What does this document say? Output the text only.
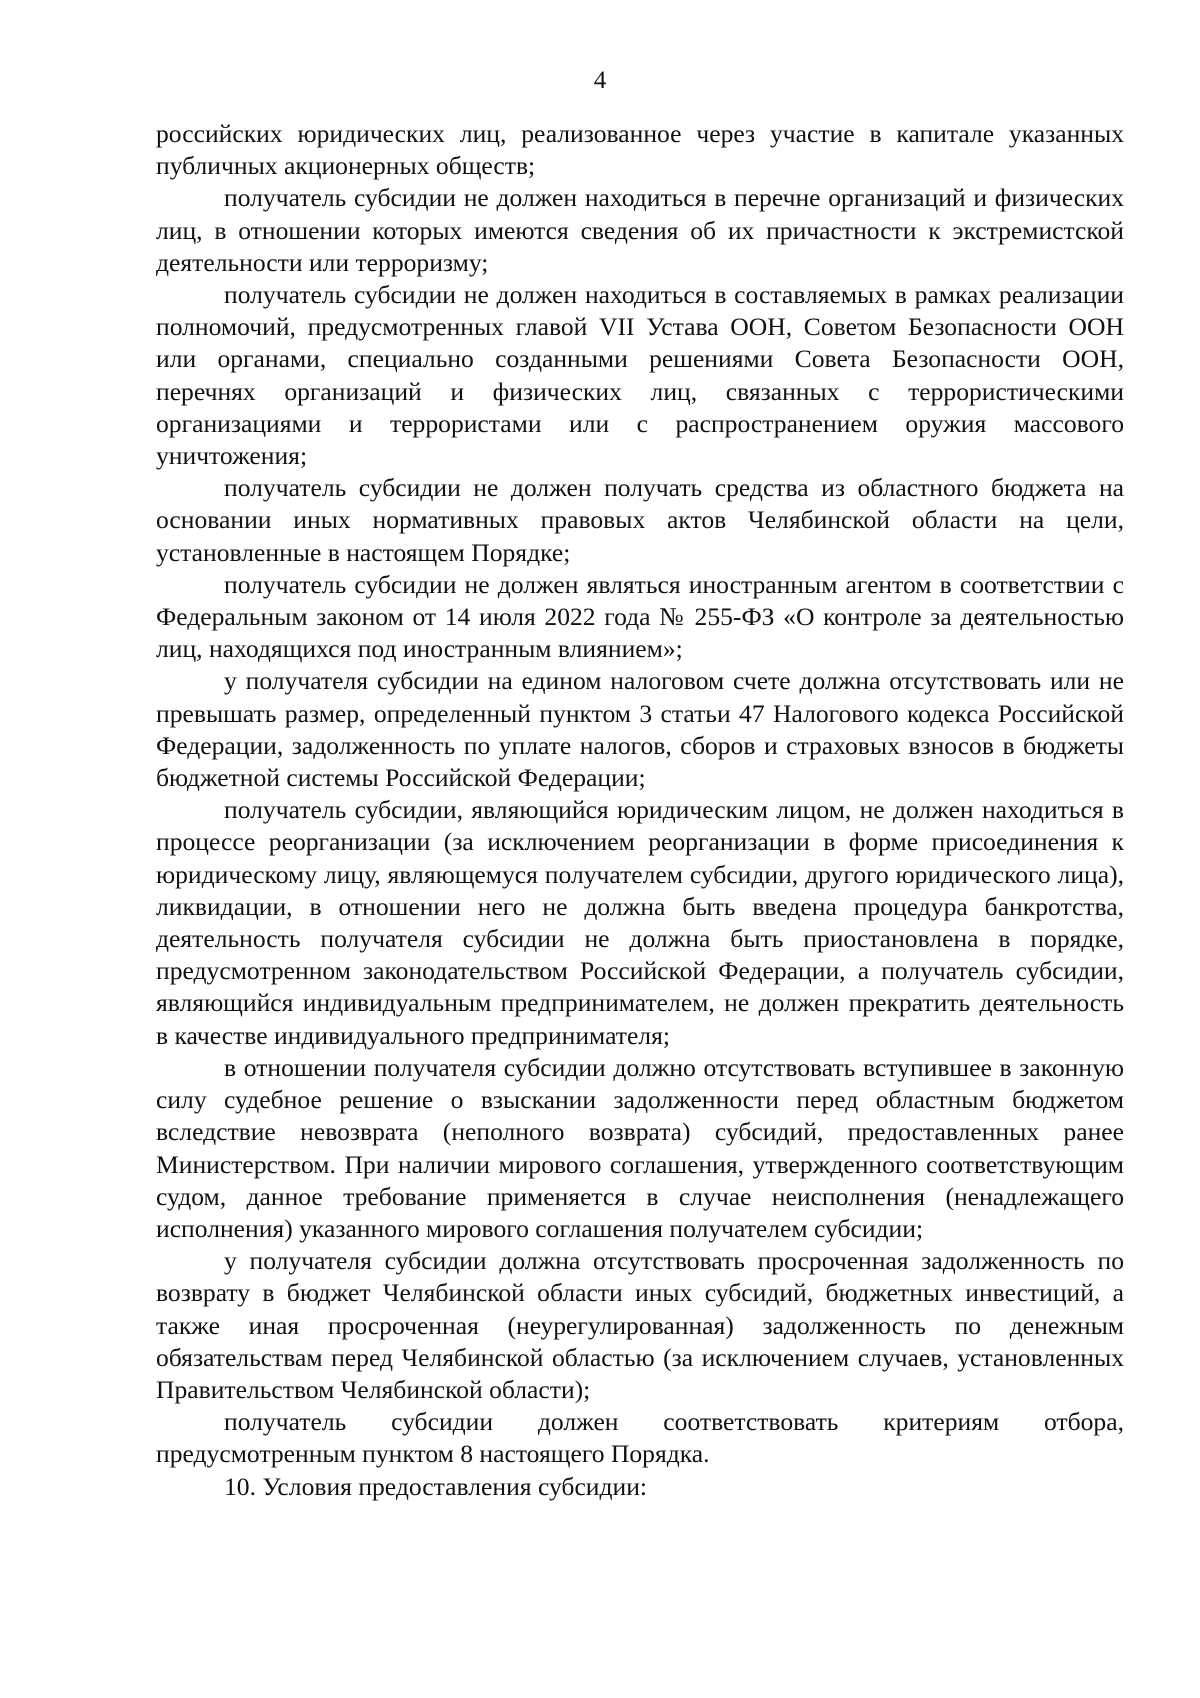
4

российских юридических лиц, реализованное через участие в капитале указанных публичных акционерных обществ;

получатель субсидии не должен находиться в перечне организаций и физических лиц, в отношении которых имеются сведения об их причастности к экстремистской деятельности или терроризму;

получатель субсидии не должен находиться в составляемых в рамках реализации полномочий, предусмотренных главой VII Устава ООН, Советом Безопасности ООН или органами, специально созданными решениями Совета Безопасности ООН, перечнях организаций и физических лиц, связанных с террористическими организациями и террористами или с распространением оружия массового уничтожения;

получатель субсидии не должен получать средства из областного бюджета на основании иных нормативных правовых актов Челябинской области на цели, установленные в настоящем Порядке;

получатель субсидии не должен являться иностранным агентом в соответствии с Федеральным законом от 14 июля 2022 года № 255-ФЗ «О контроле за деятельностью лиц, находящихся под иностранным влиянием»;

у получателя субсидии на едином налоговом счете должна отсутствовать или не превышать размер, определенный пунктом 3 статьи 47 Налогового кодекса Российской Федерации, задолженность по уплате налогов, сборов и страховых взносов в бюджеты бюджетной системы Российской Федерации;

получатель субсидии, являющийся юридическим лицом, не должен находиться в процессе реорганизации (за исключением реорганизации в форме присоединения к юридическому лицу, являющемуся получателем субсидии, другого юридического лица), ликвидации, в отношении него не должна быть введена процедура банкротства, деятельность получателя субсидии не должна быть приостановлена в порядке, предусмотренном законодательством Российской Федерации, а получатель субсидии, являющийся индивидуальным предпринимателем, не должен прекратить деятельность в качестве индивидуального предпринимателя;

в отношении получателя субсидии должно отсутствовать вступившее в законную силу судебное решение о взыскании задолженности перед областным бюджетом вследствие невозврата (неполного возврата) субсидий, предоставленных ранее Министерством. При наличии мирового соглашения, утвержденного соответствующим судом, данное требование применяется в случае неисполнения (ненадлежащего исполнения) указанного мирового соглашения получателем субсидии;

у получателя субсидии должна отсутствовать просроченная задолженность по возврату в бюджет Челябинской области иных субсидий, бюджетных инвестиций, а также иная просроченная (неурегулированная) задолженность по денежным обязательствам перед Челябинской областью (за исключением случаев, установленных Правительством Челябинской области);

получатель субсидии должен соответствовать критериям отбора, предусмотренным пунктом 8 настоящего Порядка.

10. Условия предоставления субсидии:
